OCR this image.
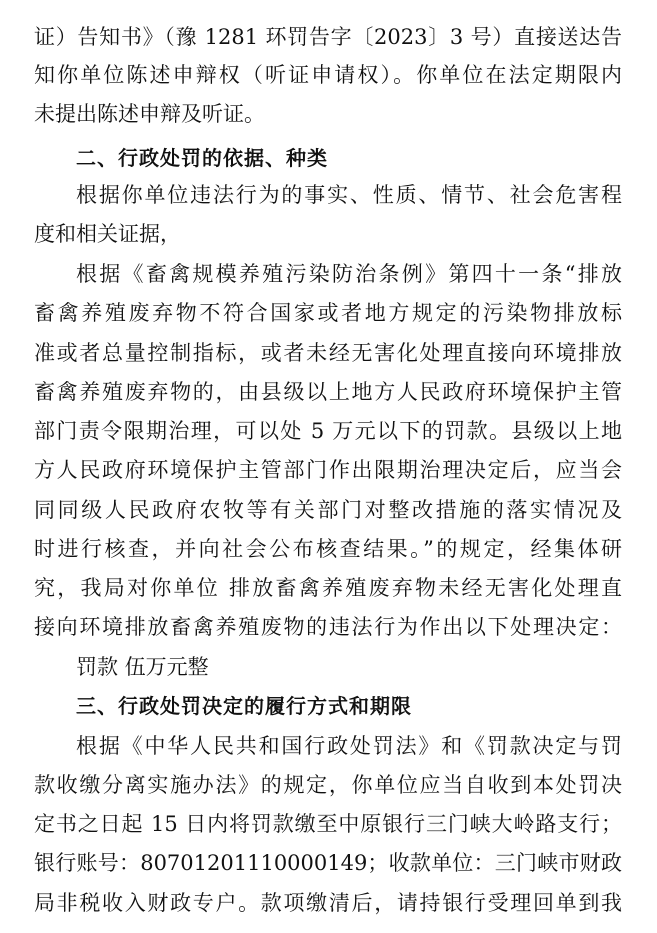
证）告知书》（豫 1281 环罚告字〔2023〕3 号）直接送达告
知你单位陈述申辩权（听证申请权）。你单位在法定期限内
未提出陈述申辩及听证。
二、行政处罚的依据、种类
根据你单位违法行为的事实、性质、情节、社会危害程
度和相关证据，
根据《畜禽规模养殖污染防治条例》第四十一条“排放
畜禽养殖废弃物不符合国家或者地方规定的污染物排放标
准或者总量控制指标，或者未经无害化处理直接向环境排放
畜禽养殖废弃物的，由县级以上地方人民政府环境保护主管
部门责令限期治理，可以处 5 万元以下的罚款。县级以上地
方人民政府环境保护主管部门作出限期治理决定后，应当会
同同级人民政府农牧等有关部门对整改措施的落实情况及
时进行核查，并向社会公布核查结果。”的规定，经集体研
究，我局对你单位 排放畜禽养殖废弃物未经无害化处理直
接向环境排放畜禽养殖废物的违法行为作出以下处理决定：
罚款 伍万元整
三、行政处罚决定的履行方式和期限
根据《中华人民共和国行政处罚法》和《罚款决定与罚
款收缴分离实施办法》的规定，你单位应当自收到本处罚决
定书之日起 15 日内将罚款缴至中原银行三门峡大岭路支行；
银行账号：80701201110000149；收款单位：三门峡市财政
局非税收入财政专户。款项缴清后，请持银行受理回单到我
